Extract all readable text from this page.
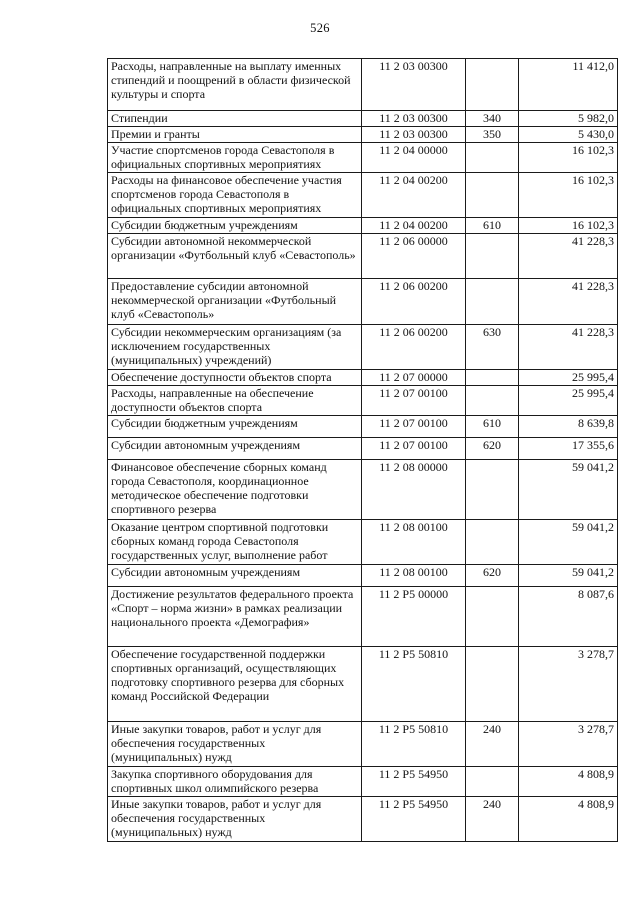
526
Расходы, направленные на выплату именных стипендий и поощрений в области физической культуры и спорта	11 2 03 00300		11 412,0
Стипендии	11 2 03 00300	340	5 982,0
Премии и гранты	11 2 03 00300	350	5 430,0
Участие спортсменов города Севастополя в официальных спортивных мероприятиях	11 2 04 00000		16 102,3
Расходы на финансовое обеспечение участия спортсменов города Севастополя в официальных спортивных мероприятиях	11 2 04 00200		16 102,3
Субсидии бюджетным учреждениям	11 2 04 00200	610	16 102,3
Субсидии автономной некоммерческой организации «Футбольный клуб «Севастополь»	11 2 06 00000		41 228,3
Предоставление субсидии автономной некоммерческой организации «Футбольный клуб «Севастополь»	11 2 06 00200		41 228,3
Субсидии некоммерческим организациям (за исключением государственных (муниципальных) учреждений)	11 2 06 00200	630	41 228,3
Обеспечение доступности объектов спорта	11 2 07 00000		25 995,4
Расходы, направленные на обеспечение доступности объектов спорта	11 2 07 00100		25 995,4
Субсидии бюджетным учреждениям	11 2 07 00100	610	8 639,8
Субсидии автономным учреждениям	11 2 07 00100	620	17 355,6
Финансовое обеспечение сборных команд города Севастополя, координационное методическое обеспечение подготовки спортивного резерва	11 2 08 00000		59 041,2
Оказание центром спортивной подготовки сборных команд города Севастополя государственных услуг, выполнение работ	11 2 08 00100		59 041,2
Субсидии автономным учреждениям	11 2 08 00100	620	59 041,2
Достижение результатов федерального проекта «Спорт – норма жизни» в рамках реализации национального проекта «Демография»	11 2 P5 00000		8 087,6
Обеспечение государственной поддержки спортивных организаций, осуществляющих подготовку спортивного резерва для сборных команд Российской Федерации	11 2 P5 50810		3 278,7
Иные закупки товаров, работ и услуг для обеспечения государственных (муниципальных) нужд	11 2 P5 50810	240	3 278,7
Закупка спортивного оборудования для спортивных школ олимпийского резерва	11 2 P5 54950		4 808,9
Иные закупки товаров, работ и услуг для обеспечения государственных (муниципальных) нужд	11 2 P5 54950	240	4 808,9
